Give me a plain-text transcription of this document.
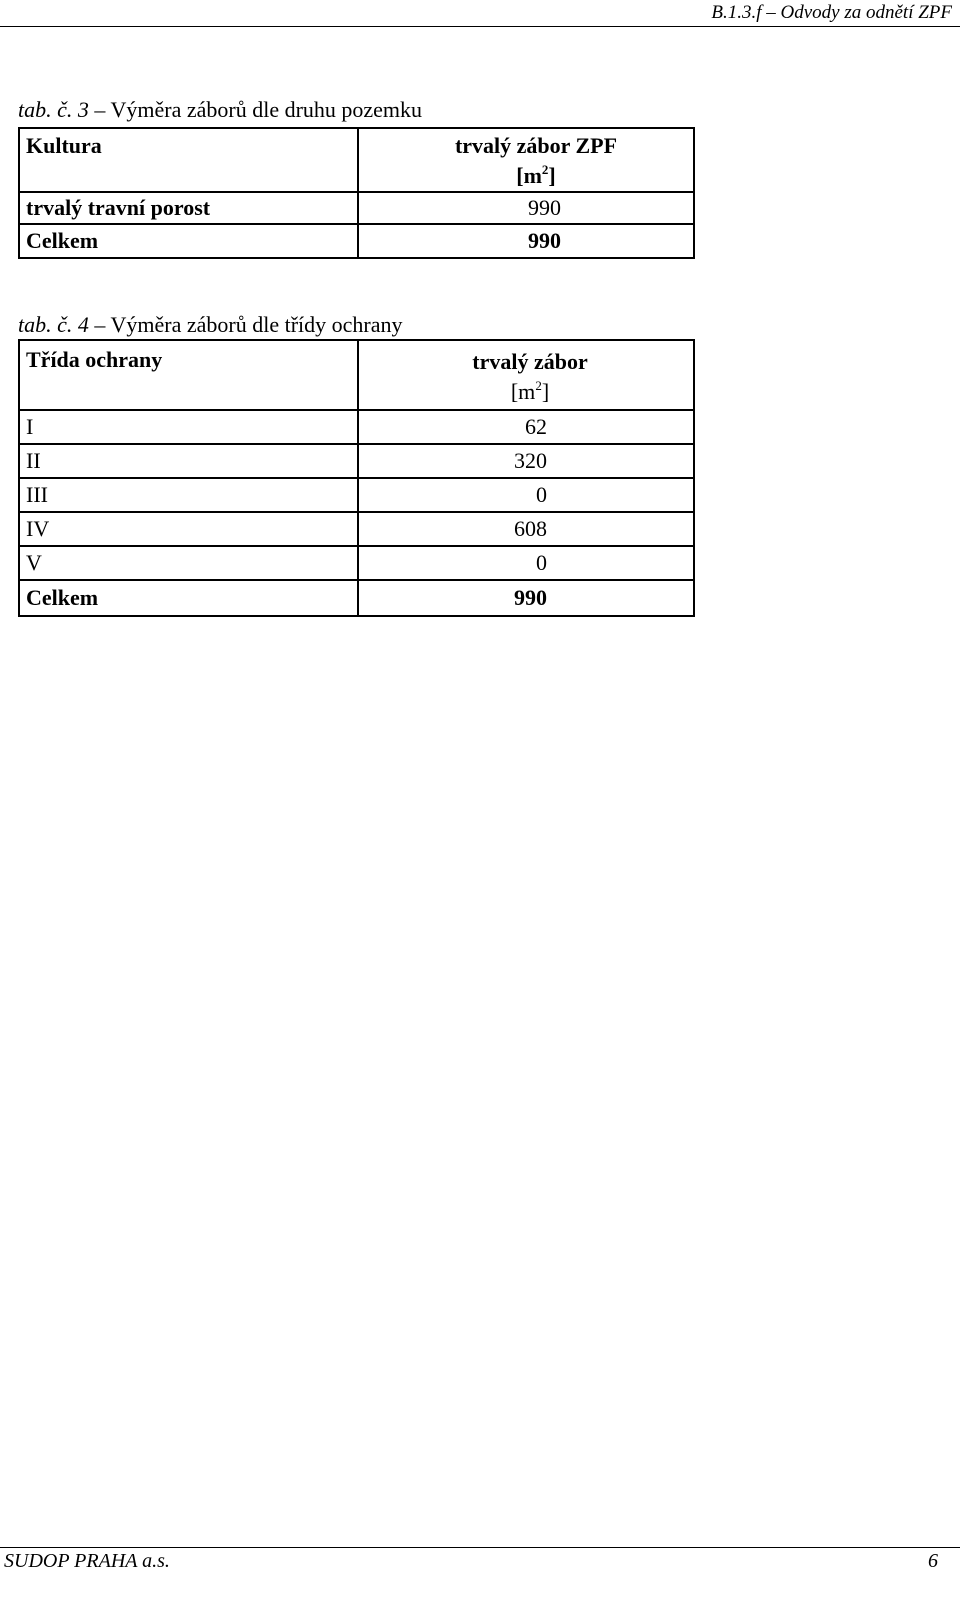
B.1.3.f – Odvody za odnětí ZPF
tab. č. 3 – Výměra záborů dle druhu pozemku
Kultura	trvalý zábor ZPF
$[m^2]$

trvalý travní porost	990
Celkem	990
tab. č. 4 – Výměra záborů dle třídy ochrany
Třída ochrany	trvalý zábor
$[m^2]$

I	62
II	320
III	0
IV	608
V	0
Celkem	990
SUDOP PRAHA a.s.	6
